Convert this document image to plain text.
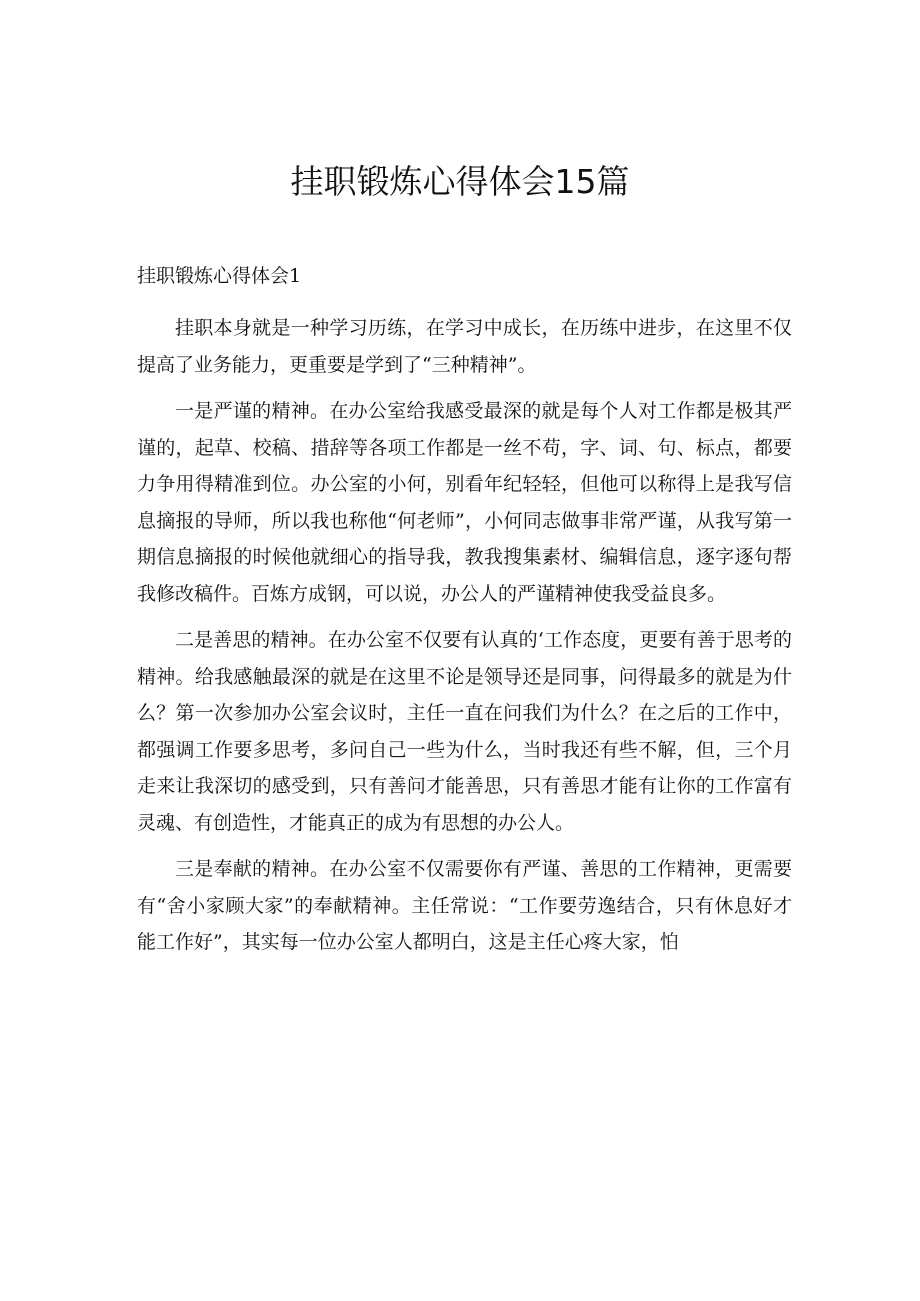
挂职锻炼心得体会15篇
挂职锻炼心得体会1

挂职本身就是一种学习历练，在学习中成长，在历练中进步，在这里不仅提高了业务能力，更重要是学到了“三种精神”。

一是严谨的精神。在办公室给我感受最深的就是每个人对工作都是极其严谨的，起草、校稿、措辞等各项工作都是一丝不苟，字、词、句、标点，都要力争用得精准到位。办公室的小何，别看年纪轻轻，但他可以称得上是我写信息摘报的导师，所以我也称他“何老师”，小何同志做事非常严谨，从我写第一期信息摘报的时候他就细心的指导我，教我搜集素材、编辑信息，逐字逐句帮我修改稿件。百炼方成钢，可以说，办公人的严谨精神使我受益良多。

二是善思的精神。在办公室不仅要有认真的‘工作态度，更要有善于思考的精神。给我感触最深的就是在这里不论是领导还是同事，问得最多的就是为什么？第一次参加办公室会议时，主任一直在问我们为什么？在之后的工作中，都强调工作要多思考，多问自己一些为什么，当时我还有些不解，但，三个月走来让我深切的感受到，只有善问才能善思，只有善思才能有让你的工作富有灵魂、有创造性，才能真正的成为有思想的办公人。

三是奉献的精神。在办公室不仅需要你有严谨、善思的工作精神，更需要有“舍小家顾大家”的奉献精神。主任常说：“工作要劳逸结合，只有休息好才能工作好”，其实每一位办公室人都明白，这是主任心疼大家，怕
